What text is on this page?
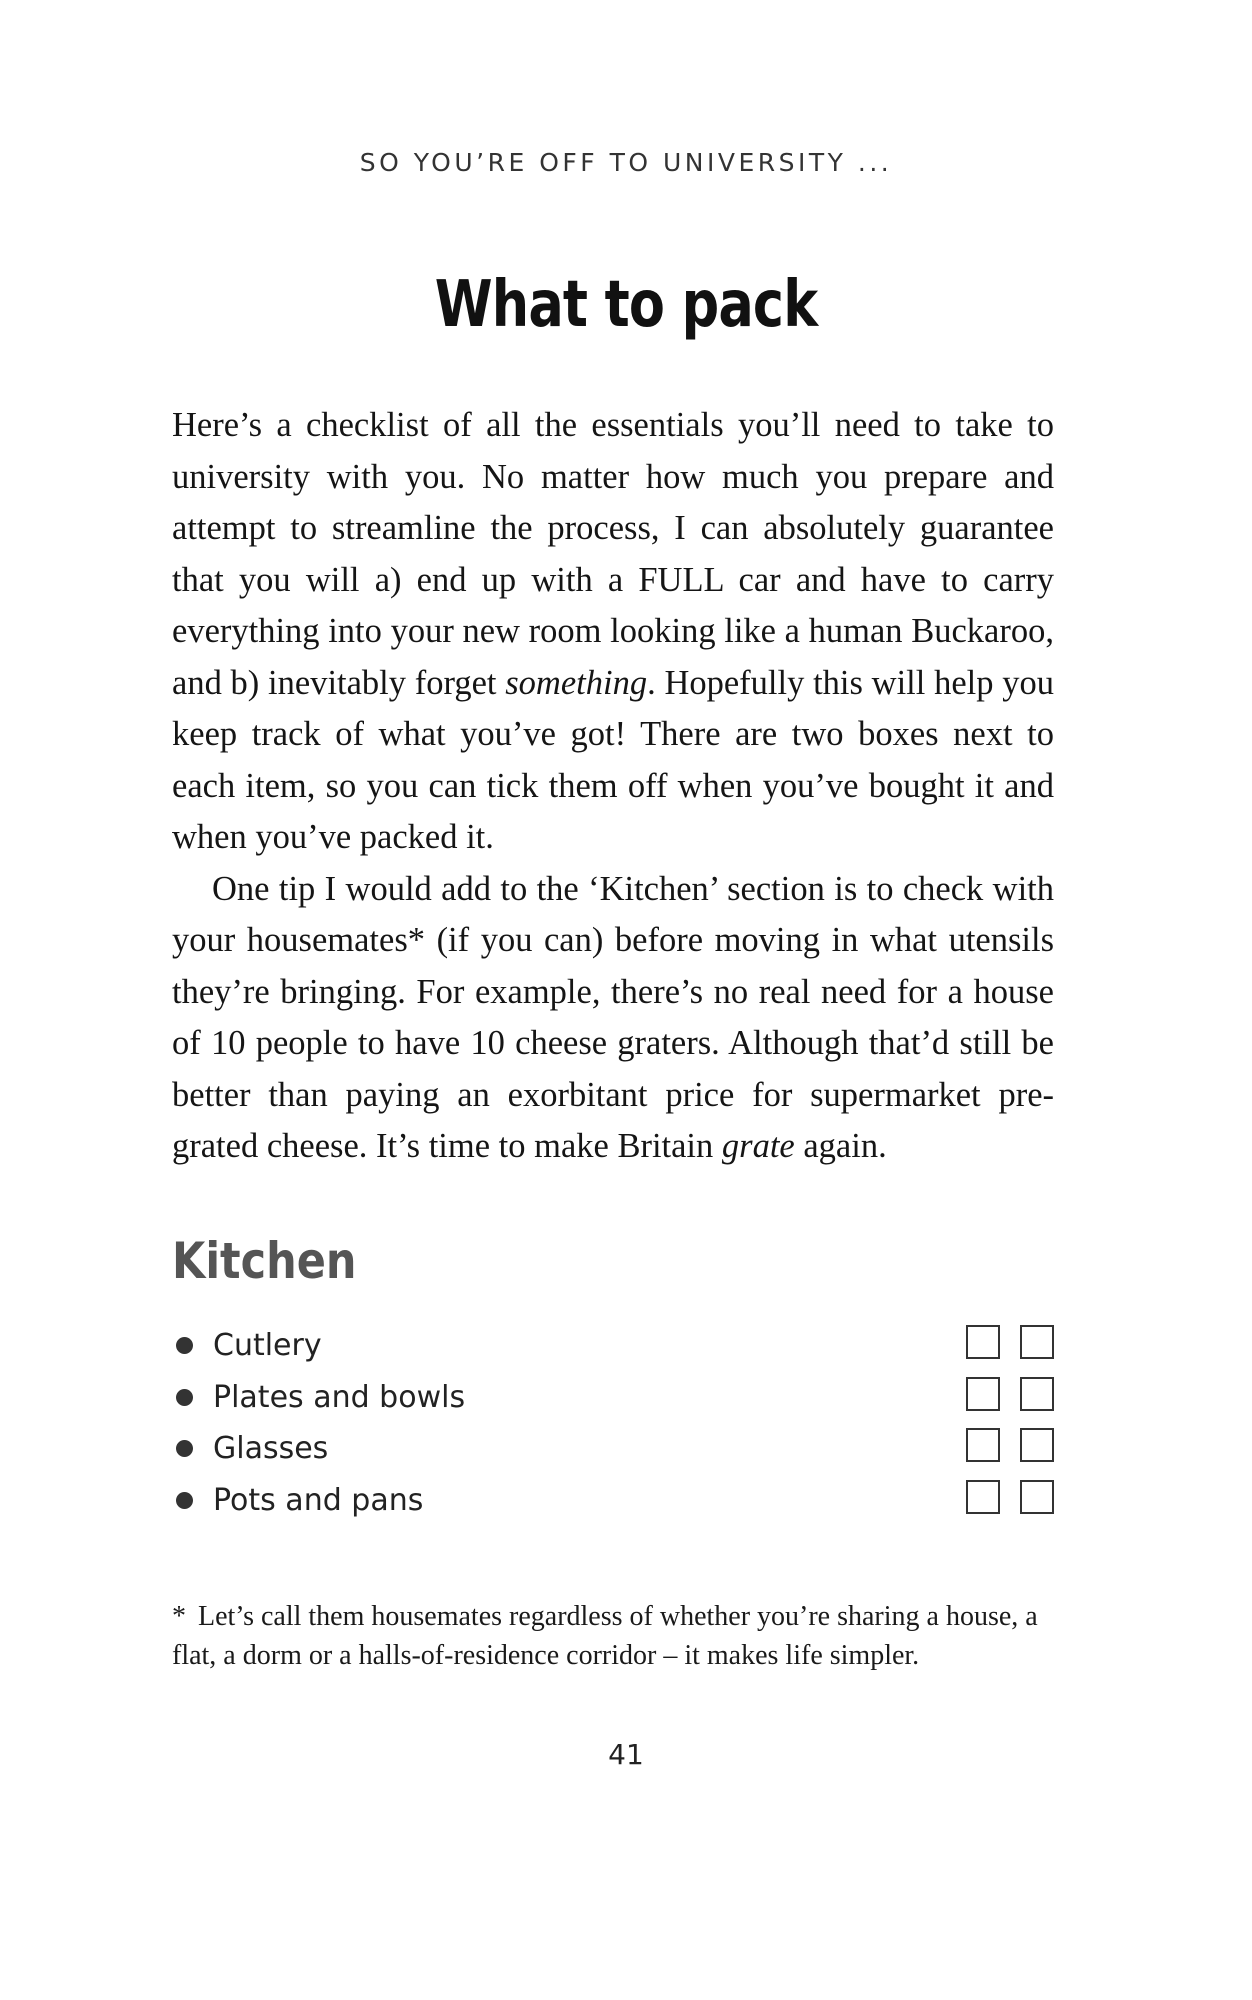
SO YOU’RE OFF TO UNIVERSITY ...
What to pack

Here’s a checklist of all the essentials you’ll need to take to university with you. No matter how much you prepare and attempt to streamline the process, I can absolutely guarantee that you will a) end up with a FULL car and have to carry everything into your new room looking like a human Buckaroo, and b) inevitably forget something. Hopefully this will help you keep track of what you’ve got! There are two boxes next to each item, so you can tick them off when you’ve bought it and when you’ve packed it.

One tip I would add to the ‘Kitchen’ section is to check with your housemates* (if you can) before moving in what utensils they’re bringing. For example, there’s no real need for a house of 10 people to have 10 cheese graters. Although that’d still be better than paying an exorbitant price for supermarket pre-grated cheese. It’s time to make Britain grate again.

Kitchen
Cutlery
Plates and bowls
Glasses
Pots and pans
* Let’s call them housemates regardless of whether you’re sharing a house, a flat, a dorm or a halls-of-residence corridor – it makes life simpler.
41
